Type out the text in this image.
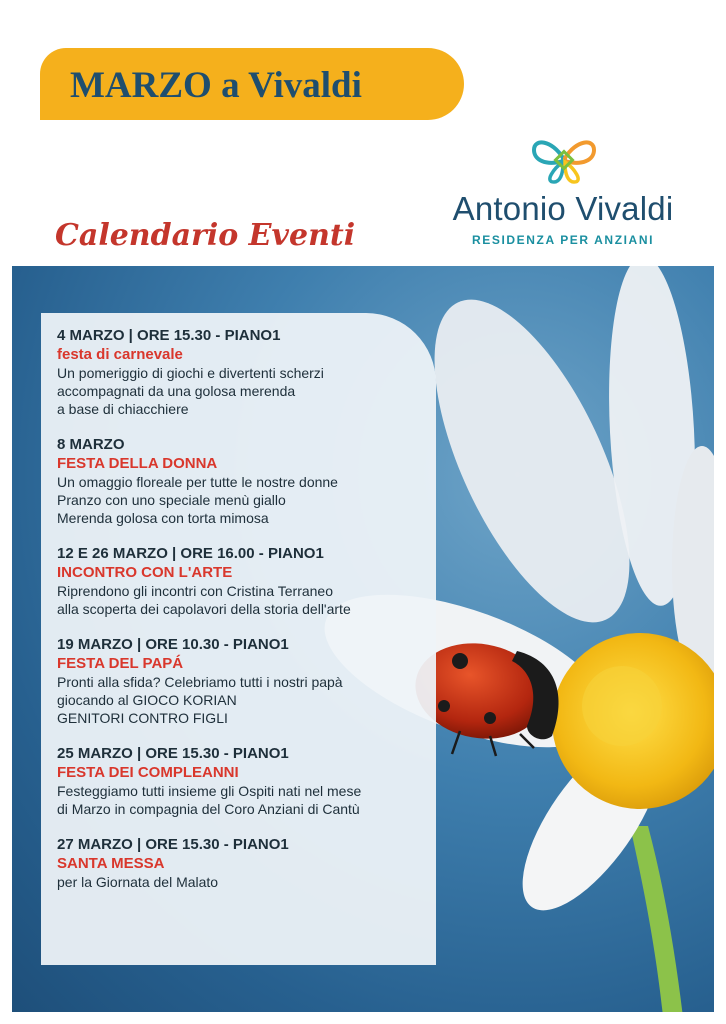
MARZO a Vivaldi
Antonio Vivaldi
RESIDENZA PER ANZIANI
Calendario Eventi
4 MARZO | ORE 15.30 - PIANO1
festa di carnevale
Un pomeriggio di giochi e divertenti scherzi
accompagnati da una golosa merenda
a base di chiacchiere
8 MARZO
FESTA DELLA DONNA
Un omaggio floreale per tutte le nostre donne
Pranzo con uno speciale menù giallo
Merenda golosa con torta mimosa
12 E 26 MARZO | ORE 16.00 - PIANO1
INCONTRO CON L'ARTE
Riprendono gli incontri con Cristina Terraneo
alla scoperta dei capolavori della storia dell'arte
19 MARZO | ORE 10.30 - PIANO1
FESTA DEL PAPÁ
Pronti alla sfida? Celebriamo tutti i nostri papà
giocando al GIOCO KORIAN
GENITORI CONTRO FIGLI
25 MARZO | ORE 15.30 - PIANO1
FESTA DEI COMPLEANNI
Festeggiamo tutti insieme gli Ospiti nati nel mese
di Marzo in compagnia del Coro Anziani di Cantù
27 MARZO | ORE 15.30 - PIANO1
SANTA MESSA
per la Giornata del Malato
